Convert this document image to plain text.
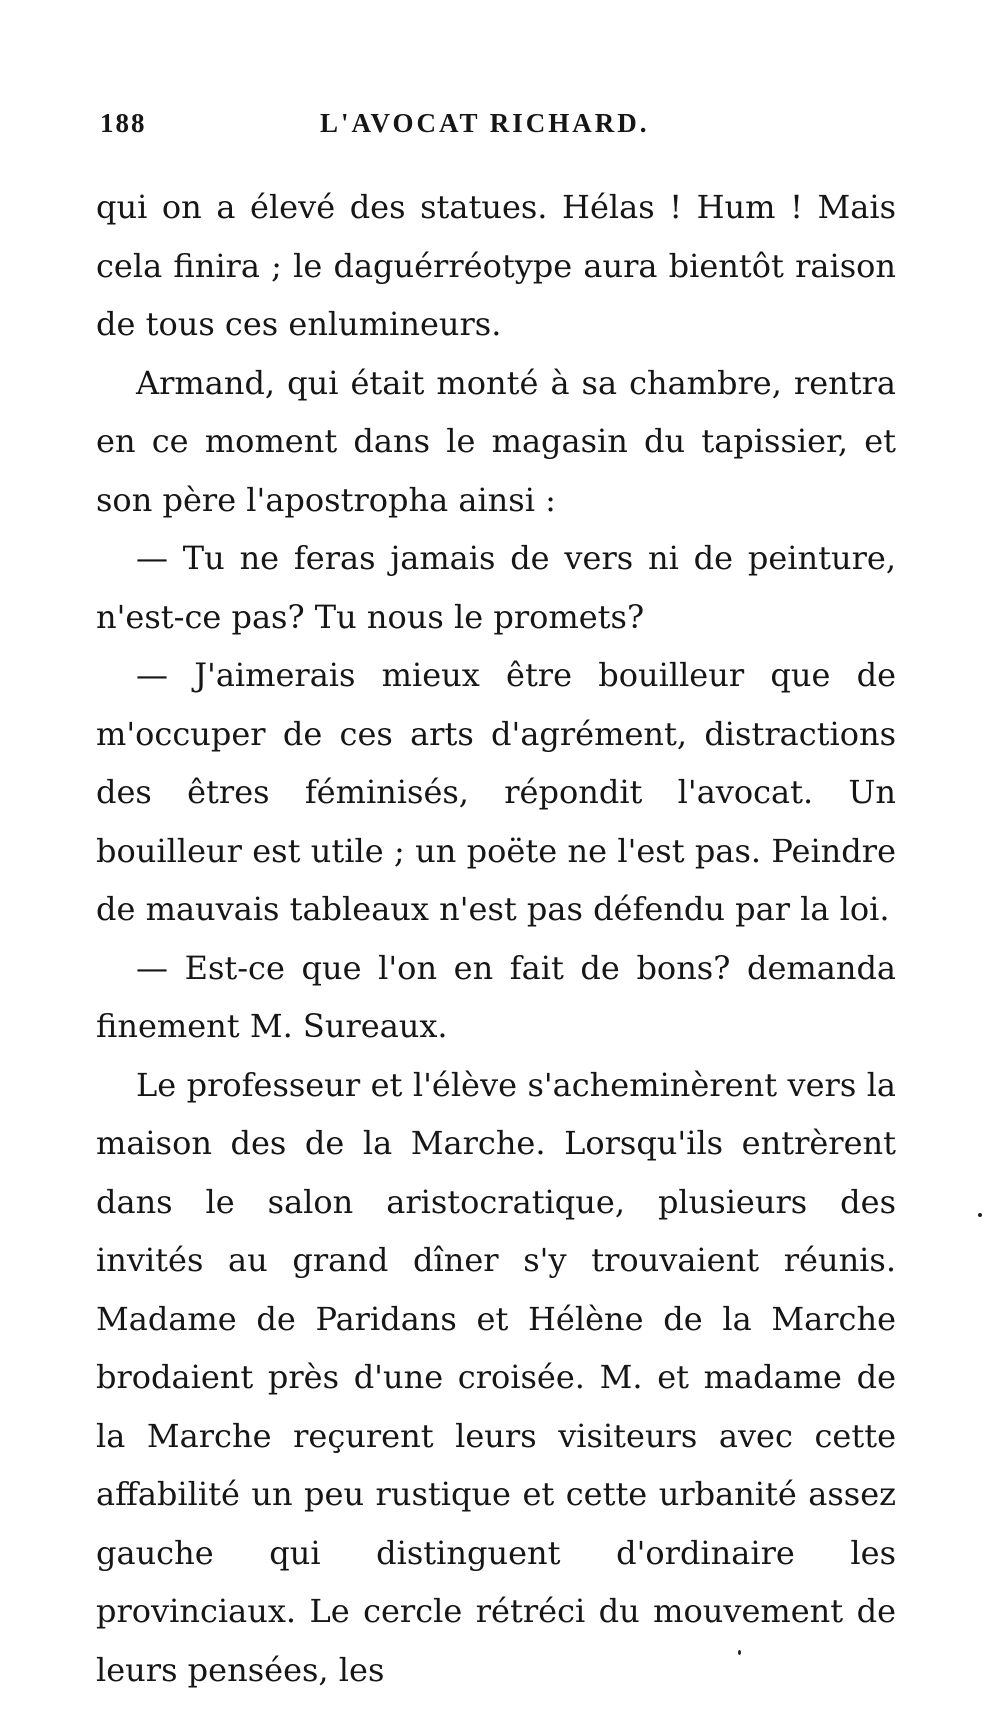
188	L'AVOCAT RICHARD.

qui on a élevé des statues. Hélas ! Hum ! Mais cela finira ; le daguérréotype aura bientôt raison de tous ces enlumineurs.

Armand, qui était monté à sa chambre, rentra en ce moment dans le magasin du tapissier, et son père l'apostropha ainsi :

— Tu ne feras jamais de vers ni de peinture, n'est-ce pas? Tu nous le promets?

— J'aimerais mieux être bouilleur que de m'occuper de ces arts d'agrément, distractions des êtres féminisés, répondit l'avocat. Un bouilleur est utile ; un poëte ne l'est pas. Peindre de mauvais tableaux n'est pas défendu par la loi.

— Est-ce que l'on en fait de bons? demanda finement M. Sureaux.

Le professeur et l'élève s'acheminèrent vers la maison des de la Marche. Lorsqu'ils entrèrent dans le salon aristocratique, plusieurs des invités au grand dîner s'y trouvaient réunis. Madame de Paridans et Hélène de la Marche brodaient près d'une croisée. M. et madame de la Marche reçurent leurs visiteurs avec cette affabilité un peu rustique et cette urbanité assez gauche qui distinguent d'ordinaire les provinciaux. Le cercle rétréci du mouvement de leurs pensées, les
